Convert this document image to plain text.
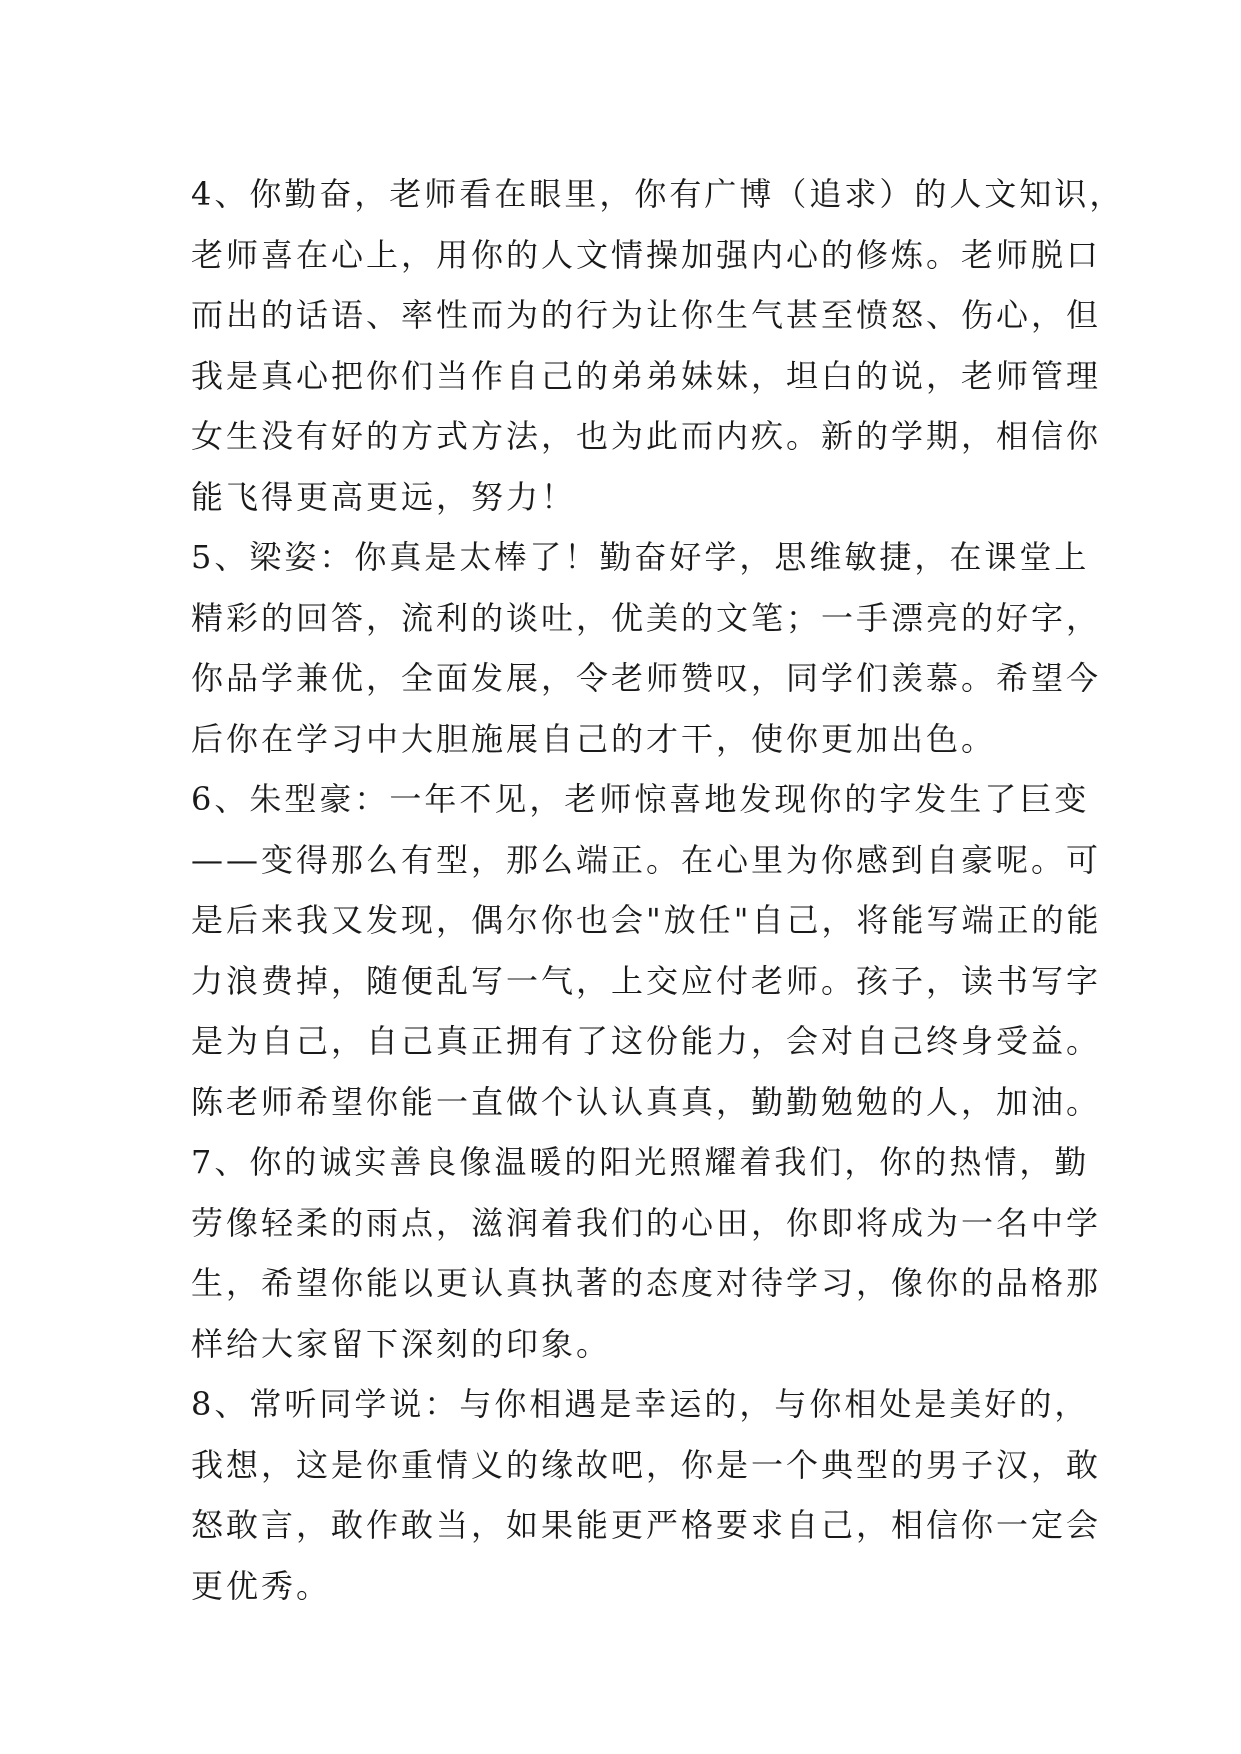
4、你勤奋，老师看在眼里，你有广博（追求）的人文知识，
老师喜在心上，用你的人文情操加强内心的修炼。老师脱口
而出的话语、率性而为的行为让你生气甚至愤怒、伤心，但
我是真心把你们当作自己的弟弟妹妹，坦白的说，老师管理
女生没有好的方式方法，也为此而内疚。新的学期，相信你
能飞得更高更远，努力！
5、梁姿：你真是太棒了！勤奋好学，思维敏捷，在课堂上
精彩的回答，流利的谈吐，优美的文笔；一手漂亮的好字，
你品学兼优，全面发展，令老师赞叹，同学们羡慕。希望今
后你在学习中大胆施展自己的才干，使你更加出色。
6、朱型豪：一年不见，老师惊喜地发现你的字发生了巨变
——变得那么有型，那么端正。在心里为你感到自豪呢。可
是后来我又发现，偶尔你也会"放任"自己，将能写端正的能
力浪费掉，随便乱写一气，上交应付老师。孩子，读书写字
是为自己，自己真正拥有了这份能力，会对自己终身受益。
陈老师希望你能一直做个认认真真，勤勤勉勉的人，加油。
7、你的诚实善良像温暖的阳光照耀着我们，你的热情，勤
劳像轻柔的雨点，滋润着我们的心田，你即将成为一名中学
生，希望你能以更认真执著的态度对待学习，像你的品格那
样给大家留下深刻的印象。
8、常听同学说：与你相遇是幸运的，与你相处是美好的，
我想，这是你重情义的缘故吧，你是一个典型的男子汉，敢
怒敢言，敢作敢当，如果能更严格要求自己，相信你一定会
更优秀。
